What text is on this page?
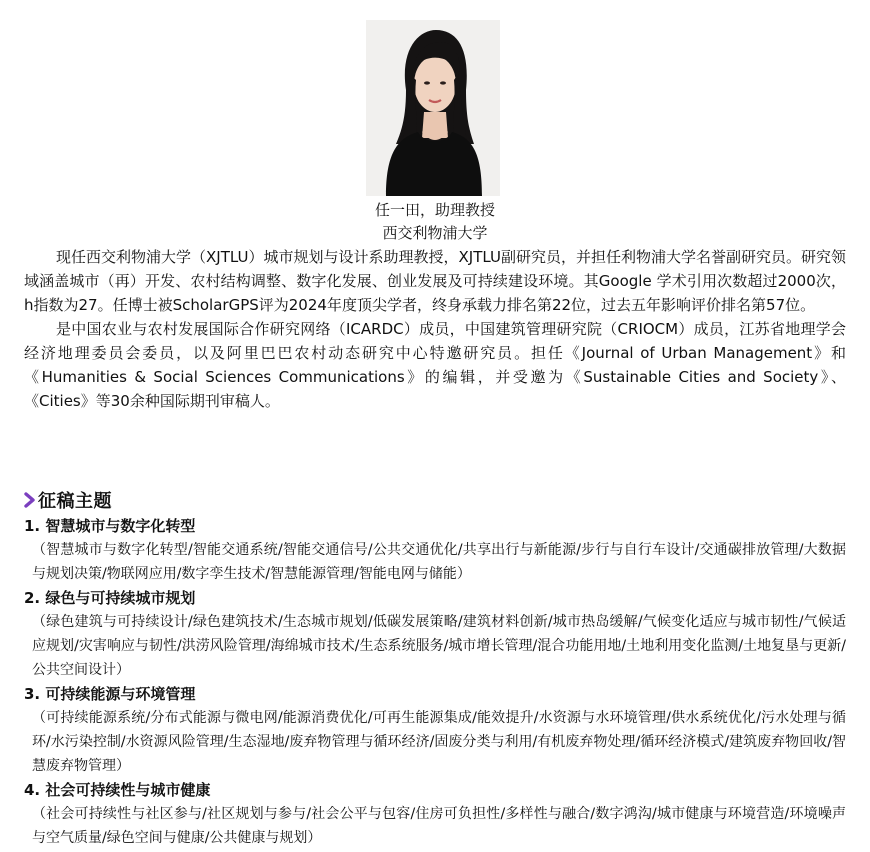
任一田，助理教授
西交利物浦大学

现任西交利物浦大学（XJTLU）城市规划与设计系助理教授，XJTLU副研究员，并担任利物浦大学名誉副研究员。研究领域涵盖城市（再）开发、农村结构调整、数字化发展、创业发展及可持续建设环境。其Google 学术引用次数超过2000次，h指数为27。任博士被ScholarGPS评为2024年度顶尖学者，终身承载力排名第22位，过去五年影响评价排名第57位。

是中国农业与农村发展国际合作研究网络（ICARDC）成员，中国建筑管理研究院（CRIOCM）成员，江苏省地理学会经济地理委员会委员，以及阿里巴巴农村动态研究中心特邀研究员。担任《Journal of Urban Management》和《Humanities & Social Sciences Communications》的编辑，并受邀为《Sustainable Cities and Society》、《Cities》等30余种国际期刊审稿人。

征稿主题
1. 智慧城市与数字化转型
（智慧城市与数字化转型/智能交通系统/智能交通信号/公共交通优化/共享出行与新能源/步行与自行车设计/交通碳排放管理/大数据与规划决策/物联网应用/数字孪生技术/智慧能源管理/智能电网与储能）
2. 绿色与可持续城市规划
（绿色建筑与可持续设计/绿色建筑技术/生态城市规划/低碳发展策略/建筑材料创新/城市热岛缓解/气候变化适应与城市韧性/气候适应规划/灾害响应与韧性/洪涝风险管理/海绵城市技术/生态系统服务/城市增长管理/混合功能用地/土地利用变化监测/土地复垦与更新/公共空间设计）
3. 可持续能源与环境管理
（可持续能源系统/分布式能源与微电网/能源消费优化/可再生能源集成/能效提升/水资源与水环境管理/供水系统优化/污水处理与循环/水污染控制/水资源风险管理/生态湿地/废弃物管理与循环经济/固废分类与利用/有机废弃物处理/循环经济模式/建筑废弃物回收/智慧废弃物管理）
4. 社会可持续性与城市健康
（社会可持续性与社区参与/社区规划与参与/社会公平与包容/住房可负担性/多样性与融合/数字鸿沟/城市健康与环境营造/环境噪声与空气质量/绿色空间与健康/公共健康与规划）
